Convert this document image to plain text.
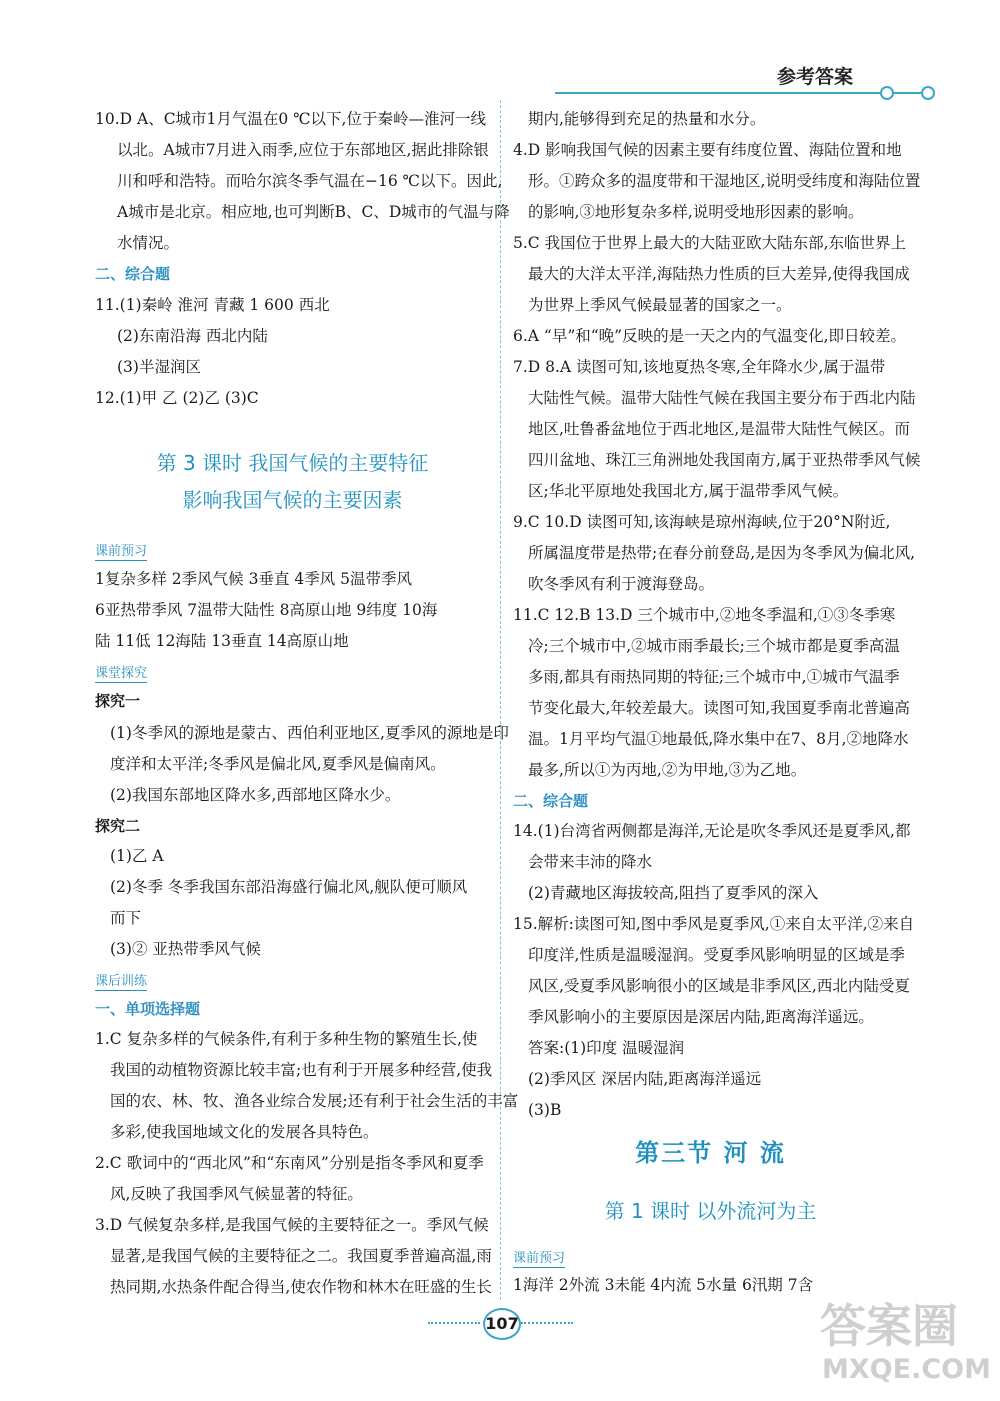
参考答案
10.D A、C城市1月气温在0 ℃以下,位于秦岭—淮河一线
以北。A城市7月进入雨季,应位于东部地区,据此排除银
川和呼和浩特。而哈尔滨冬季气温在−16 ℃以下。因此,
A城市是北京。相应地,也可判断B、C、D城市的气温与降
水情况。
二、综合题
11.(1)秦岭 淮河 青藏 1 600 西北
(2)东南沿海 西北内陆
(3)半湿润区
12.(1)甲 乙 (2)乙 (3)C
课前预习
1复杂多样 2季风气候 3垂直 4季风 5温带季风
6亚热带季风 7温带大陆性 8高原山地 9纬度 10海
陆 11低 12海陆 13垂直 14高原山地
课堂探究
探究一
(1)冬季风的源地是蒙古、西伯利亚地区,夏季风的源地是印
度洋和太平洋;冬季风是偏北风,夏季风是偏南风。
(2)我国东部地区降水多,西部地区降水少。
探究二
(1)乙 A
(2)冬季 冬季我国东部沿海盛行偏北风,舰队便可顺风
而下
(3)② 亚热带季风气候
课后训练
一、单项选择题
1.C 复杂多样的气候条件,有利于多种生物的繁殖生长,使
我国的动植物资源比较丰富;也有利于开展多种经营,使我
国的农、林、牧、渔各业综合发展;还有利于社会生活的丰富
多彩,使我国地域文化的发展各具特色。
2.C 歌词中的“西北风”和“东南风”分别是指冬季风和夏季
风,反映了我国季风气候显著的特征。
3.D 气候复杂多样,是我国气候的主要特征之一。季风气候
显著,是我国气候的主要特征之二。我国夏季普遍高温,雨
热同期,水热条件配合得当,使农作物和林木在旺盛的生长
第 3 课时 我国气候的主要特征
影响我国气候的主要因素
期内,能够得到充足的热量和水分。
4.D 影响我国气候的因素主要有纬度位置、海陆位置和地
形。①跨众多的温度带和干湿地区,说明受纬度和海陆位置
的影响,③地形复杂多样,说明受地形因素的影响。
5.C 我国位于世界上最大的大陆亚欧大陆东部,东临世界上
最大的大洋太平洋,海陆热力性质的巨大差异,使得我国成
为世界上季风气候最显著的国家之一。
6.A “早”和“晚”反映的是一天之内的气温变化,即日较差。
7.D 8.A 读图可知,该地夏热冬寒,全年降水少,属于温带
大陆性气候。温带大陆性气候在我国主要分布于西北内陆
地区,吐鲁番盆地位于西北地区,是温带大陆性气候区。而
四川盆地、珠江三角洲地处我国南方,属于亚热带季风气候
区;华北平原地处我国北方,属于温带季风气候。
9.C 10.D 读图可知,该海峡是琼州海峡,位于20°N附近,
所属温度带是热带;在春分前登岛,是因为冬季风为偏北风,
吹冬季风有利于渡海登岛。
11.C 12.B 13.D 三个城市中,②地冬季温和,①③冬季寒
冷;三个城市中,②城市雨季最长;三个城市都是夏季高温
多雨,都具有雨热同期的特征;三个城市中,①城市气温季
节变化最大,年较差最大。读图可知,我国夏季南北普遍高
温。1月平均气温①地最低,降水集中在7、8月,②地降水
最多,所以①为丙地,②为甲地,③为乙地。
二、综合题
14.(1)台湾省两侧都是海洋,无论是吹冬季风还是夏季风,都
会带来丰沛的降水
(2)青藏地区海拔较高,阻挡了夏季风的深入
15.解析:读图可知,图中季风是夏季风,①来自太平洋,②来自
印度洋,性质是温暖湿润。受夏季风影响明显的区域是季
风区,受夏季风影响很小的区域是非季风区,西北内陆受夏
季风影响小的主要原因是深居内陆,距离海洋遥远。
答案:(1)印度 温暖湿润
(2)季风区 深居内陆,距离海洋遥远
(3)B
课前预习
1海洋 2外流 3未能 4内流 5水量 6汛期 7含
第三节 河 流
第 1 课时 以外流河为主
107	答案圈
MXQE.COM
